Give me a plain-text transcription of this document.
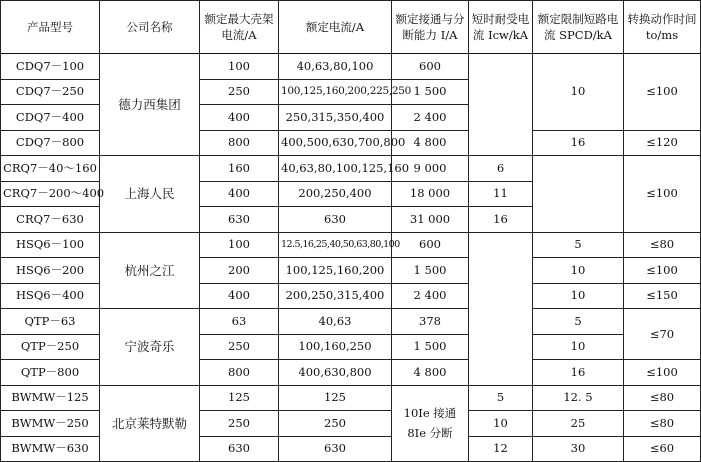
产品型号	公司名称	额定最大壳架电流/A	额定电流/A	额定接通与分断能力 I/A	短时耐受电流 Icw/kA	额定限制短路电流 SPCD/kA	转换动作时间 to/ms
CDQ7－100	德力西集团	100	40,63,80,100	600		10	≤100
CDQ7－250		250	100,125,160,200,225,250	1 500			
CDQ7－400		400	250,315,350,400	2 400			
CDQ7－800		800	400,500,630,700,800	4 800		16	≤120
CRQ7－40～160	上海人民	160	40,63,80,100,125,160	9 000	6		≤100
CRQ7－200～400		400	200,250,400	18 000	11		
CRQ7－630		630	630	31 000	16		
HSQ6－100	杭州之江	100	12.5,16,25,40,50,63,80,100	600		5	≤80
HSQ6－200		200	100,125,160,200	1 500		10	≤100
HSQ6－400		400	200,250,315,400	2 400		10	≤150
QTP－63	宁波奇乐	63	40,63	378		5	≤70
QTP－250		250	100,160,250	1 500		10	
QTP－800		800	400,630,800	4 800		16	≤100
BWMW－125	北京莱特默勒	125	125	10Ie 接通
8Ie 分断	5	12. 5	≤80
BWMW－250		250	250		10	25	≤80
BWMW－630		630	630		12	30	≤60
